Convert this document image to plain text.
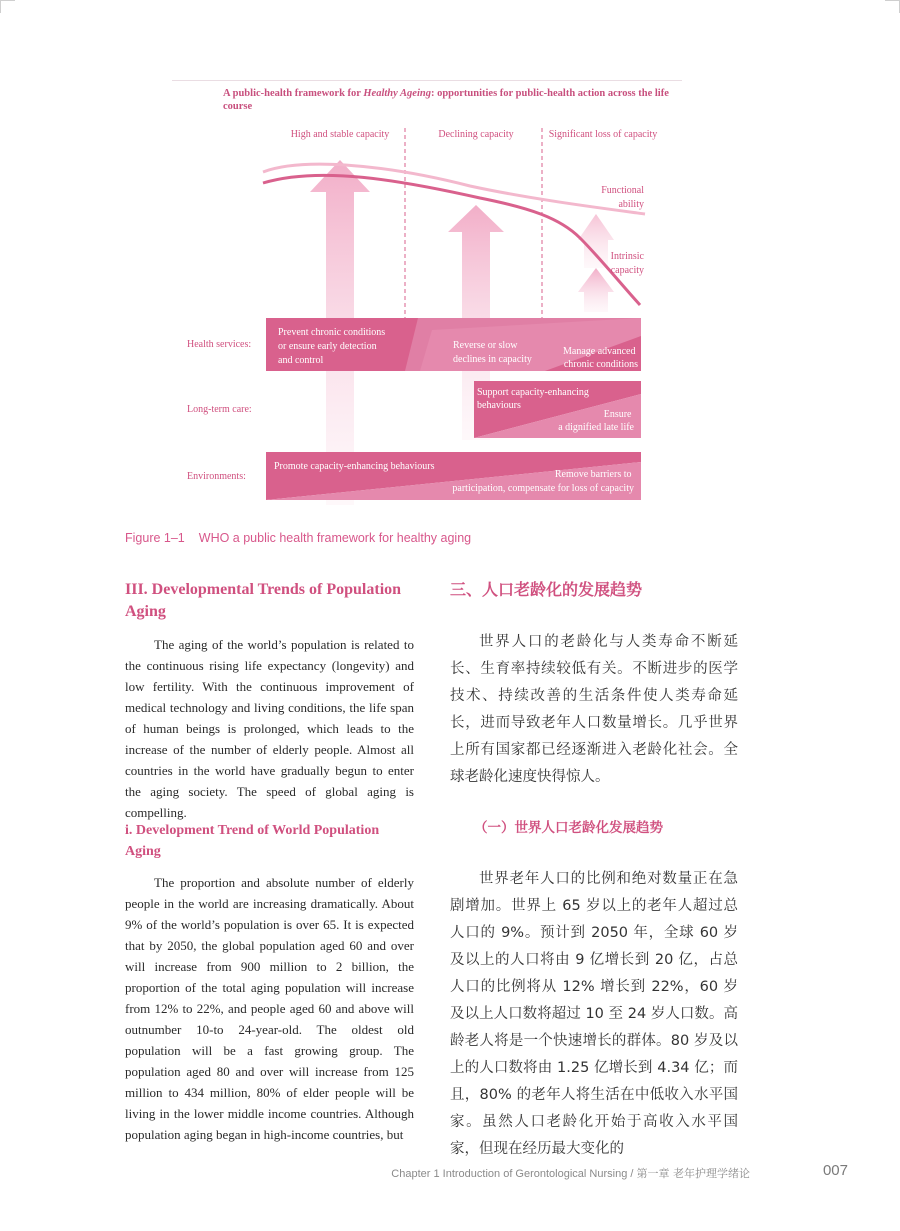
A public-health framework for Healthy Ageing: opportunities for public-health action across the life course
High and stable capacity	Declining capacity	Significant loss of capacity
Functional
ability
Intrinsic
capacity
Health services:
Long-term care:
Environments:
Prevent chronic conditions or ensure early detection and control
Reverse or slow declines in capacity
Manage advanced chronic conditions
Support capacity-enhancing behaviours
Ensure a dignified late life
Promote capacity-enhancing behaviours
Remove barriers to participation, compensate for loss of capacity
Figure 1–1 WHO a public health framework for healthy aging
III. Developmental Trends of Population Aging
The aging of the world’s population is related to the continuous rising life expectancy (longevity) and low fertility. With the continuous improvement of medical technology and living conditions, the life span of human beings is prolonged, which leads to the increase of the number of elderly people. Almost all countries in the world have gradually begun to enter the aging society. The speed of global aging is compelling.
i. Development Trend of World Population Aging
The proportion and absolute number of elderly people in the world are increasing dramatically. About 9% of the world’s population is over 65. It is expected that by 2050, the global population aged 60 and over will increase from 900 million to 2 billion, the proportion of the total aging population will increase from 12% to 22%, and people aged 60 and above will outnumber 10-to 24-year-old. The oldest old population will be a fast growing group. The population aged 80 and over will increase from 125 million to 434 million, 80% of elder people will be living in the lower middle income countries. Although population aging began in high-income countries, but
三、人口老龄化的发展趋势
世界人口的老龄化与人类寿命不断延长、生育率持续较低有关。不断进步的医学技术、持续改善的生活条件使人类寿命延长，进而导致老年人口数量增长。几乎世界上所有国家都已经逐渐进入老龄化社会。全球老龄化速度快得惊人。
（一）世界人口老龄化发展趋势
世界老年人口的比例和绝对数量正在急剧增加。世界上 65 岁以上的老年人超过总人口的 9%。预计到 2050 年，全球 60 岁及以上的人口将由 9 亿增长到 20 亿，占总人口的比例将从 12% 增长到 22%，60 岁及以上人口数将超过 10 至 24 岁人口数。高龄老人将是一个快速增长的群体。80 岁及以上的人口数将由 1.25 亿增长到 4.34 亿；而且，80% 的老年人将生活在中低收入水平国家。虽然人口老龄化开始于高收入水平国家，但现在经历最大变化的
Chapter 1 Introduction of Gerontological Nursing / 第一章 老年护理学绪论	007
